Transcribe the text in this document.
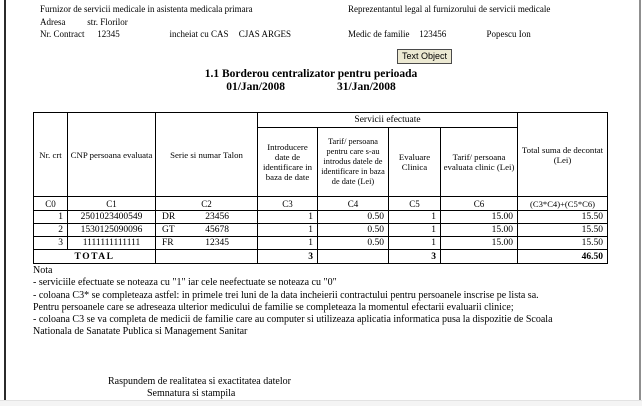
Furnizor de servicii medicale in asistenta medicala primara
Adresa str. Florilor
Nr. Contract 12345	incheiat cu CAS CJAS ARGES
Reprezentantul legal al furnizorului de servicii medicale
Medic de familie 123456	Popescu Ion
Text Object
1.1 Borderou centralizator pentru perioada
01/Jan/2008	31/Jan/2008
Nr. crt	CNP persoana evaluata	Serie si numar Talon	Servicii efectuate				Total suma de decontat (Lei)
			Introducere date de identificare in baza de date	Tarif/ persoana pentru care s-au introdus datele de identificare in baza de date (Lei)	Evaluare Clinica	Tarif/ persoana evaluata clinic (Lei)	
C0	C1	C2	C3	C4	C5	C6	(C3*C4)+(C5*C6)
1	2501023400549	DR 23456	1	0.50	1	15.00	15.50
2	1530125090096	GT 45678	1	0.50	1	15.00	15.50
3	1111111111111	FR 12345	1	0.50	1	15.00	15.50
TOTAL			3		3		46.50
Nota
- serviciile efectuate se noteaza cu "1" iar cele neefectuate se noteaza cu "0"
- coloana C3* se completeaza astfel: in primele trei luni de la data incheierii contractului pentru persoanele inscrise pe lista sa.
Pentru persoanele care se adreseaza ulterior medicului de familie se completeaza la momentul efectarii evaluarii clinice;
- coloana C3 se va completa de medicii de familie care au computer si utilizeaza aplicatia informatica pusa la dispozitie de Scoala
Nationala de Sanatate Publica si Management Sanitar
Raspundem de realitatea si exactitatea datelor
Semnatura si stampila
